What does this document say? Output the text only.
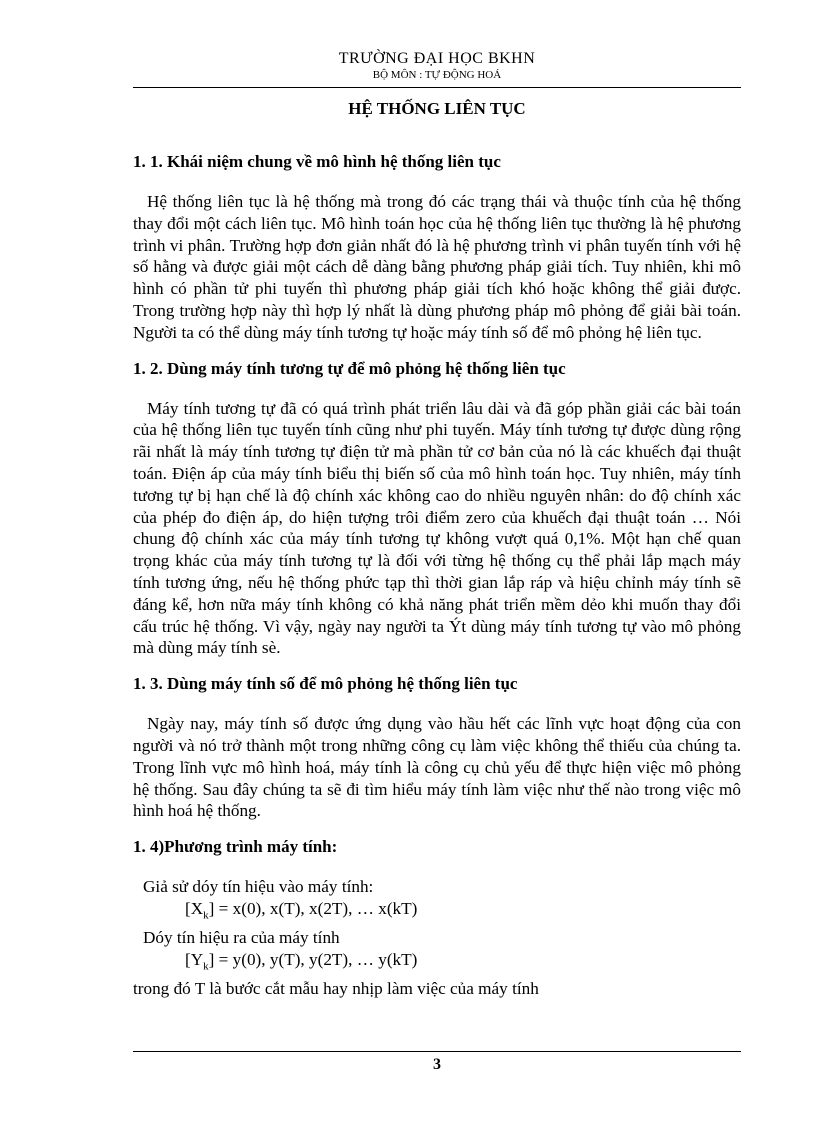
TRƯỜNG ĐẠI HỌC BKHN
BỘ MÔN : TỰ ĐỘNG HOÁ
HỆ THỐNG LIÊN TỤC
1. 1. Khái niệm chung về mô hình hệ thống liên tục

Hệ thống liên tục là hệ thống mà trong đó các trạng thái và thuộc tính của hệ thống thay đổi một cách liên tục. Mô hình toán học của hệ thống liên tục thường là hệ phương trình vi phân. Trường hợp đơn giản nhất đó là hệ phương trình vi phân tuyến tính với hệ số hằng và được giải một cách dễ dàng bằng phương pháp giải tích. Tuy nhiên, khi mô hình có phần tử phi tuyến thì phương pháp giải tích khó hoặc không thể giải được. Trong trường hợp này thì hợp lý nhất là dùng phương pháp mô phỏng để giải bài toán. Người ta có thể dùng máy tính tương tự hoặc máy tính số để mô phỏng hệ liên tục.

1. 2. Dùng máy tính tương tự để mô phỏng hệ thống liên tục

Máy tính tương tự đã có quá trình phát triển lâu dài và đã góp phần giải các bài toán của hệ thống liên tục tuyến tính cũng như phi tuyến. Máy tính tương tự được dùng rộng rãi nhất là máy tính tương tự điện tử mà phần tử cơ bản của nó là các khuếch đại thuật toán. Điện áp của máy tính biểu thị biến số của mô hình toán học. Tuy nhiên, máy tính tương tự bị hạn chế là độ chính xác không cao do nhiều nguyên nhân: do độ chính xác của phép đo điện áp, do hiện tượng trôi điểm zero của khuếch đại thuật toán … Nói chung độ chính xác của máy tính tương tự không vượt quá 0,1%. Một hạn chế quan trọng khác của máy tính tương tự là đối với từng hệ thống cụ thể phải lắp mạch máy tính tương ứng, nếu hệ thống phức tạp thì thời gian lắp ráp và hiệu chỉnh máy tính sẽ đáng kể, hơn nữa máy tính không có khả năng phát triển mềm dẻo khi muốn thay đổi cấu trúc hệ thống. Vì vậy, ngày nay người ta Ýt dùng máy tính tương tự vào mô phỏng mà dùng máy tính sè.

1. 3. Dùng máy tính số để mô phỏng hệ thống liên tục

Ngày nay, máy tính số được ứng dụng vào hầu hết các lĩnh vực hoạt động của con người và nó trở thành một trong những công cụ làm việc không thể thiếu của chúng ta. Trong lĩnh vực mô hình hoá, máy tính là công cụ chủ yếu để thực hiện việc mô phỏng hệ thống. Sau đây chúng ta sẽ đi tìm hiểu máy tính làm việc như thế nào trong việc mô hình hoá hệ thống.

1. 4)Phương trình máy tính:
Giả sử dóy tín hiệu vào máy tính:
$[X_k] = x(0)$, x(T), x(2T), … x(kT)
Dóy tín hiệu ra của máy tính
$[Y_k] = y(0)$, y(T), y(2T), … y(kT)
trong đó T là bước cắt mẫu hay nhịp làm việc của máy tính
3
